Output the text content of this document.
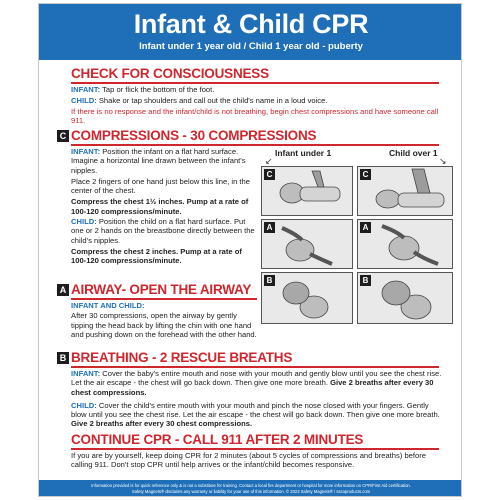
Infant & Child CPR
Infant under 1 year old / Child 1 year old - puberty
CHECK FOR CONSCIOUSNESS

INFANT: Tap or flick the bottom of the foot.

CHILD: Shake or tap shoulders and call out the child's name in a loud voice.

If there is no response and the infant/child is not breathing, begin chest compressions and have someone call 911.

C COMPRESSIONS - 30 COMPRESSIONS

INFANT: Position the infant on a flat hard surface. Imagine a horizontal line drawn between the infant's nipples.

Place 2 fingers of one hand just below this line, in the center of the chest.

Compress the chest 1½ inches. Pump at a rate of 100-120 compressions/minute.

CHILD: Position the child on a flat hard surface. Put one or 2 hands on the breastbone directly between the child's nipples.

Compress the chest 2 inches. Pump at a rate of 100-120 compressions/minute.

Infant under 1
↙
Child over 1
↘
C	C
A	A
B	B
A AIRWAY- OPEN THE AIRWAY

INFANT AND CHILD:

After 30 compressions, open the airway by gently tipping the head back by lifting the chin with one hand and pushing down on the forehead with the other hand.

B BREATHING - 2 RESCUE BREATHS

INFANT: Cover the baby's entire mouth and nose with your mouth and gently blow until you see the chest rise. Let the air escape - the chest will go back down. Then give one more breath. Give 2 breaths after every 30 chest compressions.

CHILD: Cover the child's entire mouth with your mouth and pinch the nose closed with your fingers. Gently blow until you see the chest rise. Let the air escape - the chest will go back down. Then give one more breath. Give 2 breaths after every 30 chest compressions.

CONTINUE CPR - CALL 911 AFTER 2 MINUTES
If you are by yourself, keep doing CPR for 2 minutes (about 5 cycles of compressions and breaths) before calling 911. Don't stop CPR until help arrives or the infant/child becomes responsive.
Information provided is for quick reference only & is not a substitute for training. Contact a local fire department or hospital for more information on CPR/First Aid certification.
Safety Magnets® disclaims any warranty or liability for your use of this information. © 2023 Safety Magnets® / sscoproducts.com
